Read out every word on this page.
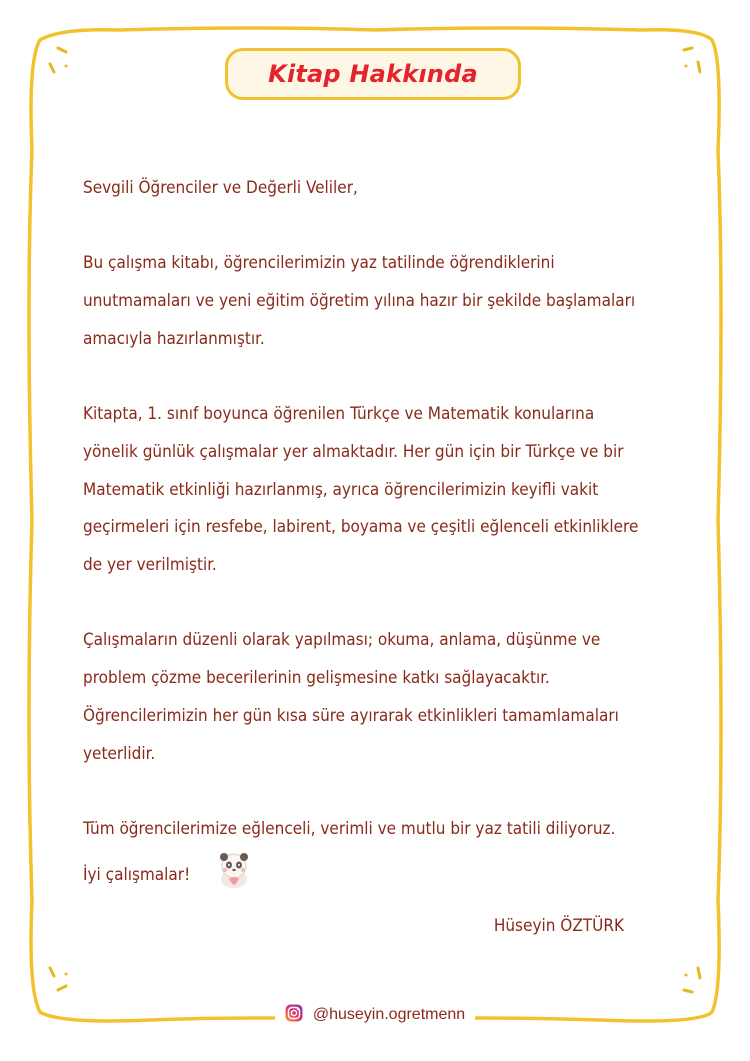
Kitap Hakkında

Sevgili Öğrenciler ve Değerli Veliler,

Bu çalışma kitabı, öğrencilerimizin yaz tatilinde öğrendiklerini

unutmamaları ve yeni eğitim öğretim yılına hazır bir şekilde başlamaları

amacıyla hazırlanmıştır.

Kitapta, 1. sınıf boyunca öğrenilen Türkçe ve Matematik konularına

yönelik günlük çalışmalar yer almaktadır. Her gün için bir Türkçe ve bir

Matematik etkinliği hazırlanmış, ayrıca öğrencilerimizin keyifli vakit

geçirmeleri için resfebe, labirent, boyama ve çeşitli eğlenceli etkinliklere

de yer verilmiştir.

Çalışmaların düzenli olarak yapılması; okuma, anlama, düşünme ve

problem çözme becerilerinin gelişmesine katkı sağlayacaktır.

Öğrencilerimizin her gün kısa süre ayırarak etkinlikleri tamamlamaları

yeterlidir.

Tüm öğrencilerimize eğlenceli, verimli ve mutlu bir yaz tatili diliyoruz.

İyi çalışmalar!
Hüseyin ÖZTÜRK
@huseyin.ogretmenn
